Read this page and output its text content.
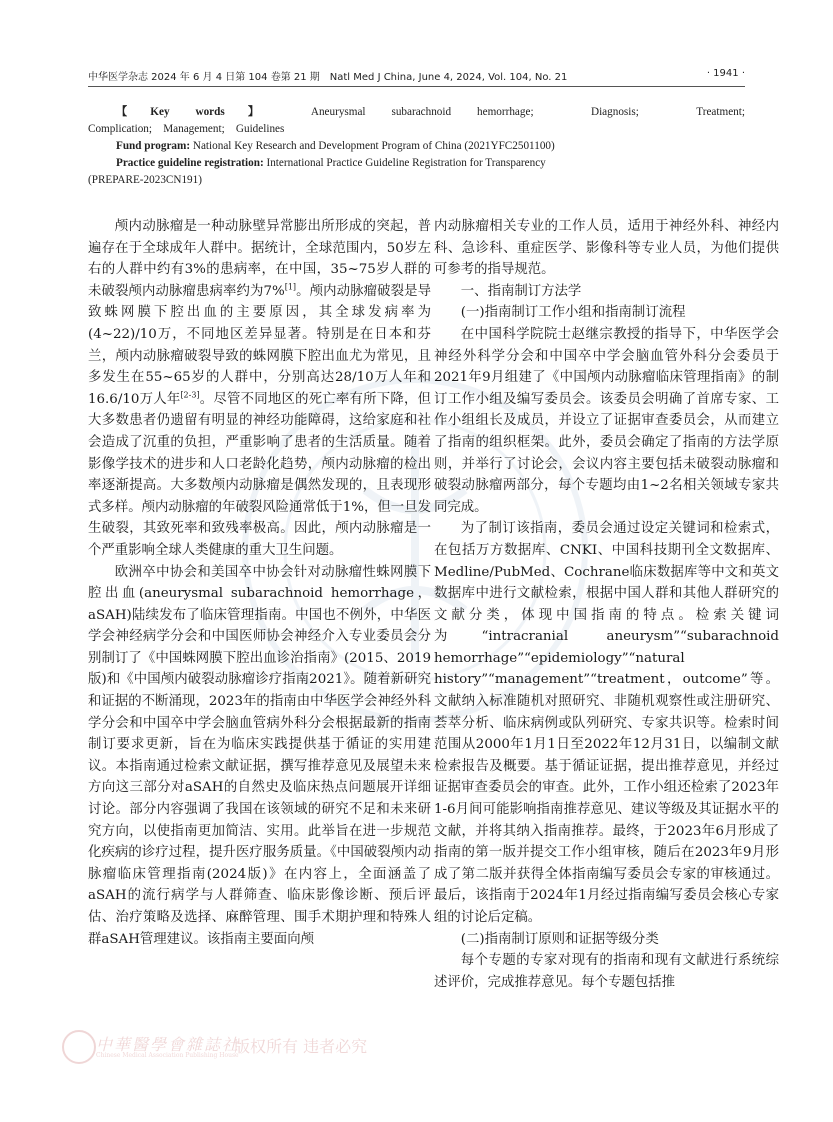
中华医学杂志 2024 年 6 月 4 日第 104 卷第 21 期　Natl Med J China, June 4, 2024, Vol. 104, No. 21	· 1941 ·

【Key words】　	Aneurysmal subarachnoid hemorrhage;　Diagnosis;　Treatment;

Complication;　Management;　Guidelines

Fund program: National Key Research and Development Program of China (2021YFC2501100)

Practice guideline registration: International Practice Guideline Registration for Transparency

(PREPARE-2023CN191)

颅内动脉瘤是一种动脉壁异常膨出所形成的突起，普遍存在于全球成年人群中。据统计，全球范围内，50岁左右的人群中约有3%的患病率，在中国，35~75岁人群的未破裂颅内动脉瘤患病率约为7%[1]。颅内动脉瘤破裂是导致蛛网膜下腔出血的主要原因，其全球发病率为(4~22)/10万，不同地区差异显著。特别是在日本和芬兰，颅内动脉瘤破裂导致的蛛网膜下腔出血尤为常见，且多发生在55~65岁的人群中，分别高达28/10万人年和16.6/10万人年[2-3]。尽管不同地区的死亡率有所下降，但大多数患者仍遗留有明显的神经功能障碍，这给家庭和社会造成了沉重的负担，严重影响了患者的生活质量。随着影像学技术的进步和人口老龄化趋势，颅内动脉瘤的检出率逐渐提高。大多数颅内动脉瘤是偶然发现的，且表现形式多样。颅内动脉瘤的年破裂风险通常低于1%，但一旦发生破裂，其致死率和致残率极高。因此，颅内动脉瘤是一个严重影响全球人类健康的重大卫生问题。

欧洲卒中协会和美国卒中协会针对动脉瘤性蛛网膜下腔出血(aneurysmal subarachnoid hemorrhage，aSAH)陆续发布了临床管理指南。中国也不例外，中华医学会神经病学分会和中国医师协会神经介入专业委员会分别制订了《中国蛛网膜下腔出血诊治指南》(2015、2019版)和《中国颅内破裂动脉瘤诊疗指南2021》。随着新研究和证据的不断涌现，2023年的指南由中华医学会神经外科学分会和中国卒中学会脑血管病外科分会根据最新的指南制订要求更新，旨在为临床实践提供基于循证的实用建议。本指南通过检索文献证据，撰写推荐意见及展望未来方向这三部分对aSAH的自然史及临床热点问题展开详细讨论。部分内容强调了我国在该领域的研究不足和未来研究方向，以使指南更加简洁、实用。此举旨在进一步规范化疾病的诊疗过程，提升医疗服务质量。《中国破裂颅内动脉瘤临床管理指南(2024版)》在内容上，全面涵盖了aSAH的流行病学与人群筛查、临床影像诊断、预后评估、治疗策略及选择、麻醉管理、围手术期护理和特殊人群aSAH管理建议。该指南主要面向颅

内动脉瘤相关专业的工作人员，适用于神经外科、神经内科、急诊科、重症医学、影像科等专业人员，为他们提供可参考的指导规范。

一、指南制订方法学

(一)指南制订工作小组和指南制订流程

在中国科学院院士赵继宗教授的指导下，中华医学会神经外科学分会和中国卒中学会脑血管外科分会委员于2021年9月组建了《中国颅内动脉瘤临床管理指南》的制订工作小组及编写委员会。该委员会明确了首席专家、工作小组组长及成员，并设立了证据审查委员会，从而建立了指南的组织框架。此外，委员会确定了指南的方法学原则，并举行了讨论会，会议内容主要包括未破裂动脉瘤和破裂动脉瘤两部分，每个专题均由1~2名相关领域专家共同完成。

为了制订该指南，委员会通过设定关键词和检索式，在包括万方数据库、CNKI、中国科技期刊全文数据库、Medline/PubMed、Cochrane临床数据库等中文和英文数据库中进行文献检索，根据中国人群和其他人群研究的文献分类，体现中国指南的特点。检索关键词为“intracranial aneurysm”“subarachnoid hemorrhage”“epidemiology”“natural history”“management”“treatment，outcome”等。文献纳入标准随机对照研究、非随机观察性或注册研究、荟萃分析、临床病例或队列研究、专家共识等。检索时间范围从2000年1月1日至2022年12月31日，以编制文献检索报告及概要。基于循证证据，提出推荐意见，并经过证据审查委员会的审查。此外，工作小组还检索了2023年1-6月间可能影响指南推荐意见、建议等级及其证据水平的文献，并将其纳入指南推荐。最终，于2023年6月形成了指南的第一版并提交工作小组审核，随后在2023年9月形成了第二版并获得全体指南编写委员会专家的审核通过。最后，该指南于2024年1月经过指南编写委员会核心专家组的讨论后定稿。

(二)指南制订原则和证据等级分类

每个专题的专家对现有的指南和现有文献进行系统综述评价，完成推荐意见。每个专题包括推

中華醫學會雜誌社
Chinese Medical Association Publishing House
版权所有 违者必究
